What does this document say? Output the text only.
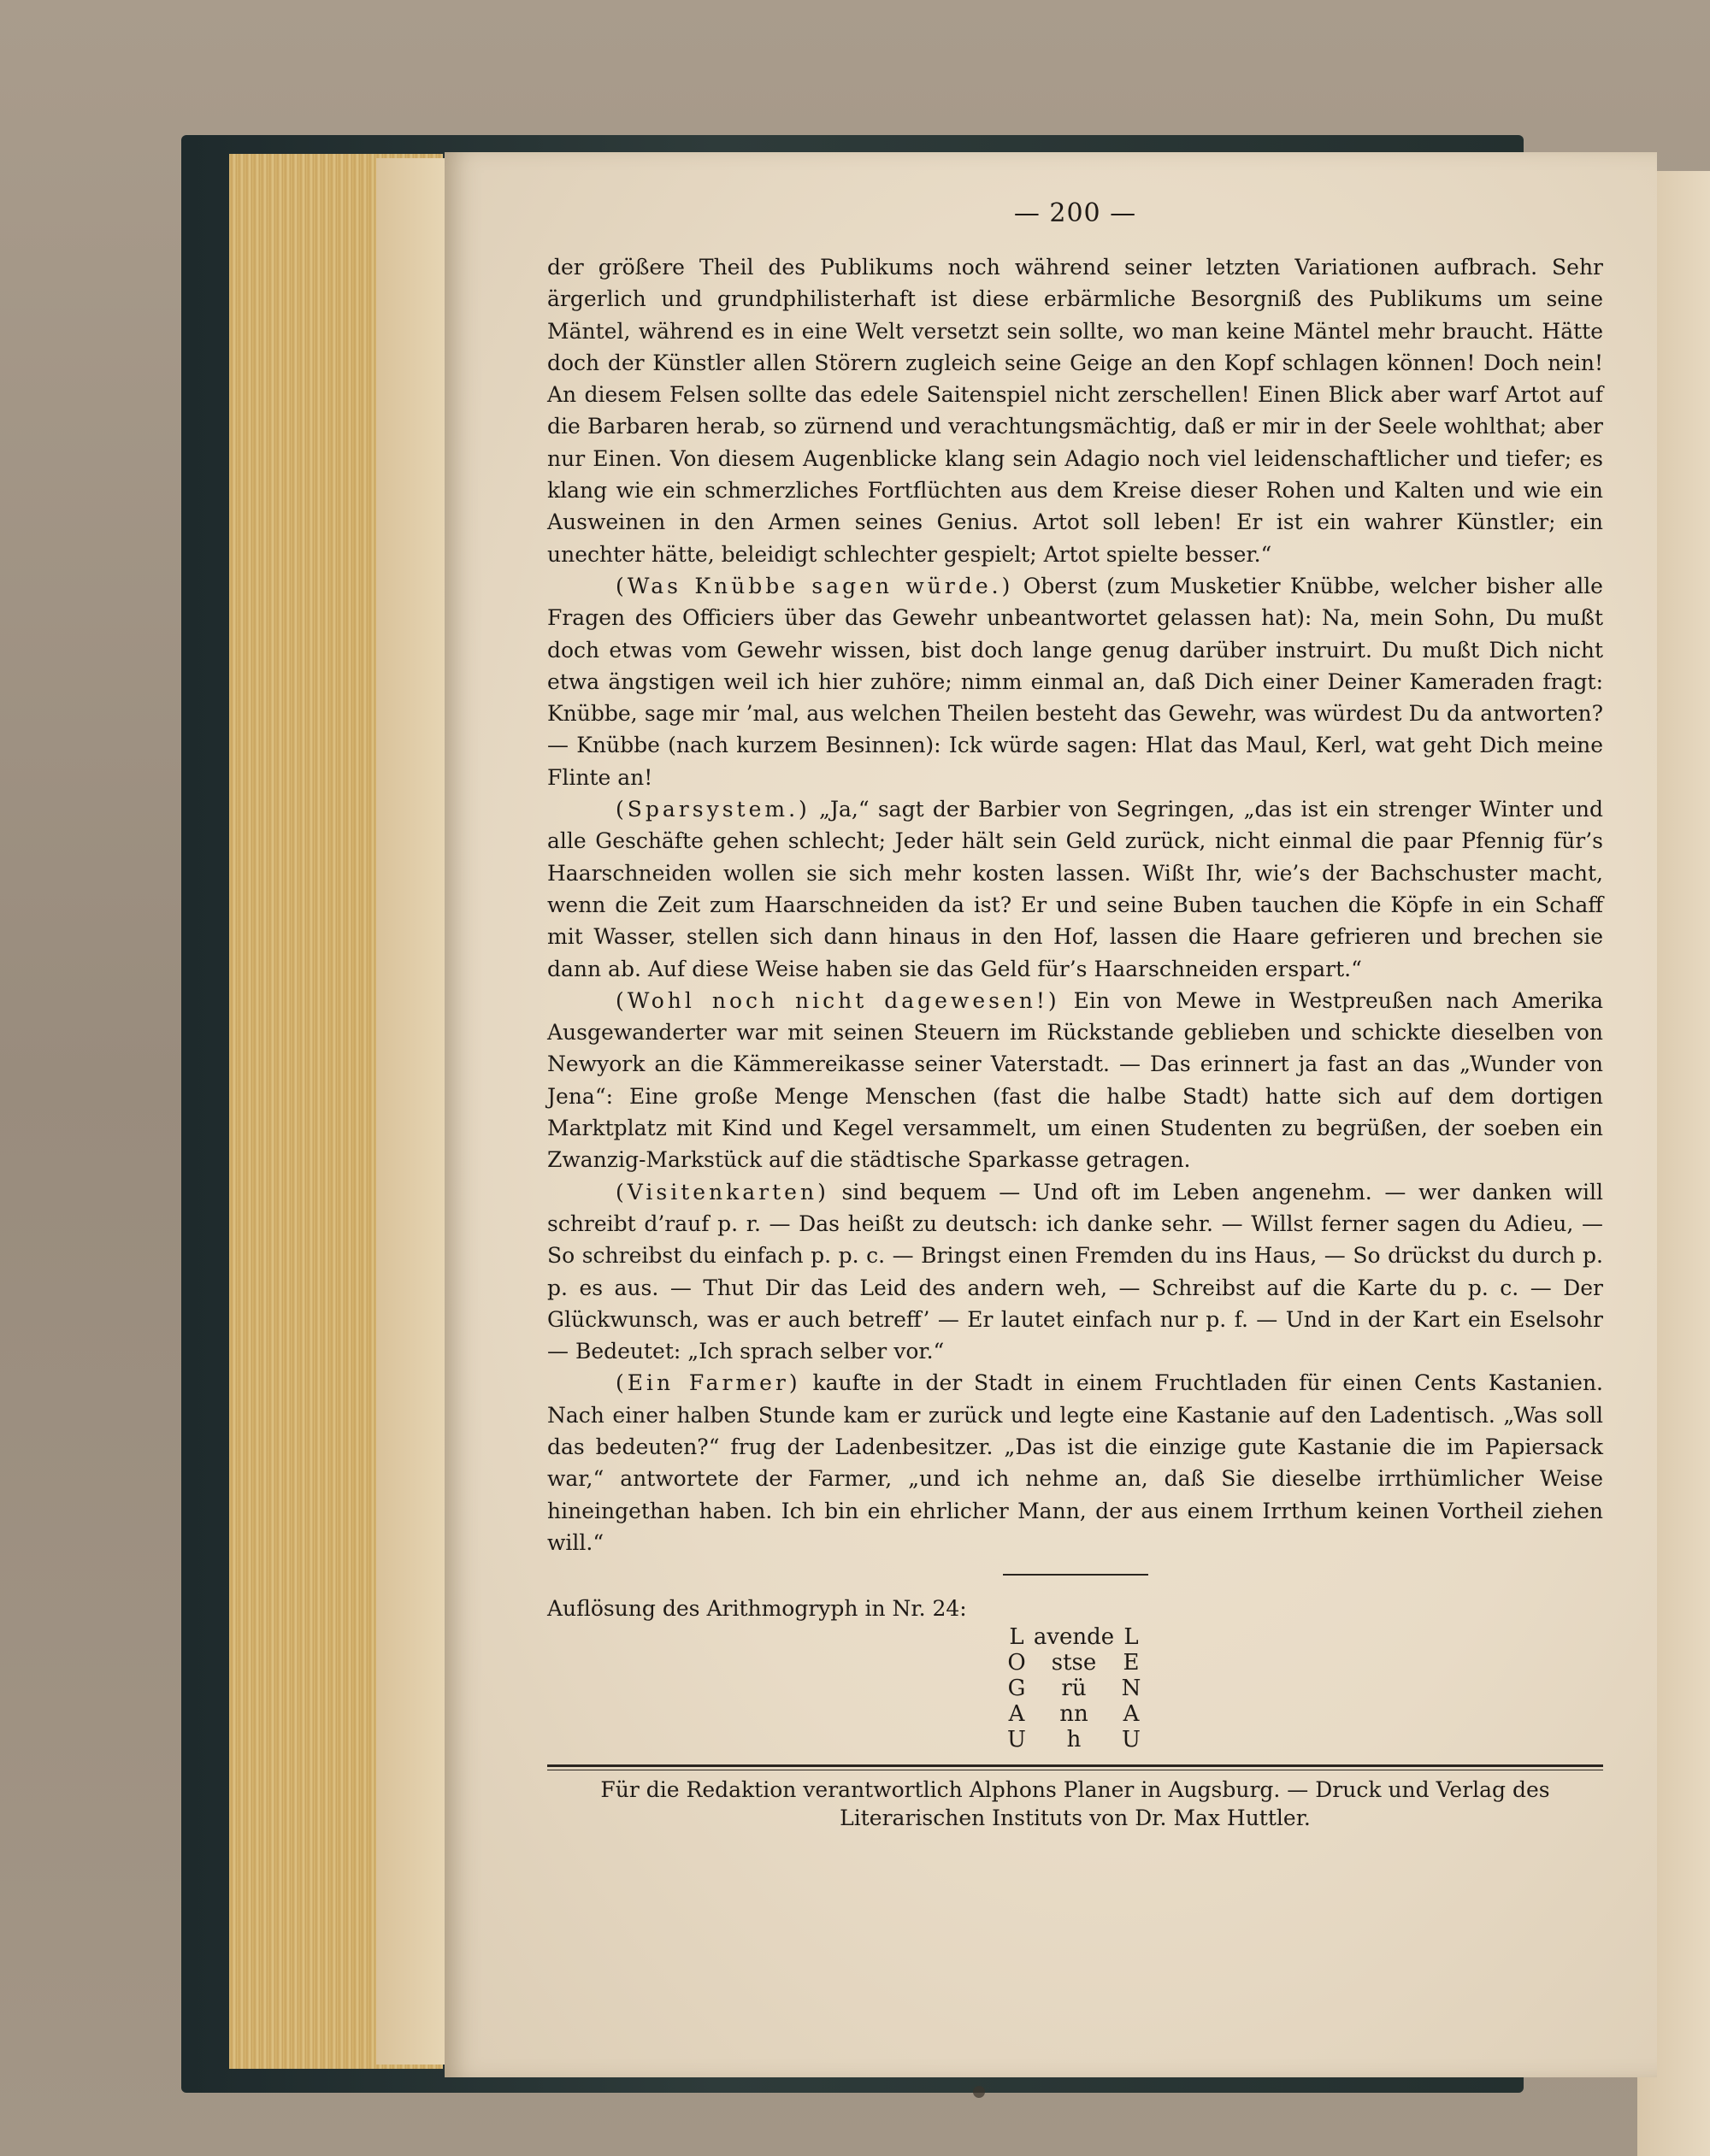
— 200 —

der größere Theil des Publikums noch während seiner letzten Variationen aufbrach. Sehr ärgerlich und grundphilisterhaft ist diese erbärmliche Besorgniß des Publikums um seine Mäntel, während es in eine Welt versetzt sein sollte, wo man keine Mäntel mehr braucht. Hätte doch der Künstler allen Störern zugleich seine Geige an den Kopf schlagen können! Doch nein! An diesem Felsen sollte das edele Saitenspiel nicht zerschellen! Einen Blick aber warf Artot auf die Barbaren herab, so zürnend und verachtungsmächtig, daß er mir in der Seele wohlthat; aber nur Einen. Von diesem Augenblicke klang sein Adagio noch viel leidenschaftlicher und tiefer; es klang wie ein schmerzliches Fortflüchten aus dem Kreise dieser Rohen und Kalten und wie ein Ausweinen in den Armen seines Genius. Artot soll leben! Er ist ein wahrer Künstler; ein unechter hätte, beleidigt schlechter gespielt; Artot spielte besser.“

(Was Knübbe sagen würde.) Oberst (zum Musketier Knübbe, welcher bisher alle Fragen des Officiers über das Gewehr unbeantwortet gelassen hat): Na, mein Sohn, Du mußt doch etwas vom Gewehr wissen, bist doch lange genug darüber instruirt. Du mußt Dich nicht etwa ängstigen weil ich hier zuhöre; nimm einmal an, daß Dich einer Deiner Kameraden fragt: Knübbe, sage mir ’mal, aus welchen Theilen besteht das Gewehr, was würdest Du da antworten? — Knübbe (nach kurzem Besinnen): Ick würde sagen: Hlat das Maul, Kerl, wat geht Dich meine Flinte an!

(Sparsystem.) „Ja,“ sagt der Barbier von Segringen, „das ist ein strenger Winter und alle Geschäfte gehen schlecht; Jeder hält sein Geld zurück, nicht einmal die paar Pfennig für’s Haarschneiden wollen sie sich mehr kosten lassen. Wißt Ihr, wie’s der Bachschuster macht, wenn die Zeit zum Haarschneiden da ist? Er und seine Buben tauchen die Köpfe in ein Schaff mit Wasser, stellen sich dann hinaus in den Hof, lassen die Haare gefrieren und brechen sie dann ab. Auf diese Weise haben sie das Geld für’s Haarschneiden erspart.“

(Wohl noch nicht dagewesen!) Ein von Mewe in Westpreußen nach Amerika Ausgewanderter war mit seinen Steuern im Rückstande geblieben und schickte dieselben von Newyork an die Kämmereikasse seiner Vaterstadt. — Das erinnert ja fast an das „Wunder von Jena“: Eine große Menge Menschen (fast die halbe Stadt) hatte sich auf dem dortigen Marktplatz mit Kind und Kegel versammelt, um einen Studenten zu begrüßen, der soeben ein Zwanzig-Markstück auf die städtische Sparkasse getragen.

(Visitenkarten) sind bequem — Und oft im Leben angenehm. — wer danken will schreibt d’rauf p. r. — Das heißt zu deutsch: ich danke sehr. — Willst ferner sagen du Adieu, — So schreibst du einfach p. p. c. — Bringst einen Fremden du ins Haus, — So drückst du durch p. p. es aus. — Thut Dir das Leid des andern weh, — Schreibst auf die Karte du p. c. — Der Glückwunsch, was er auch betreff’ — Er lautet einfach nur p. f. — Und in der Kart ein Eselsohr — Bedeutet: „Ich sprach selber vor.“

(Ein Farmer) kaufte in der Stadt in einem Fruchtladen für einen Cents Kastanien. Nach einer halben Stunde kam er zurück und legte eine Kastanie auf den Ladentisch. „Was soll das bedeuten?“ frug der Ladenbesitzer. „Das ist die einzige gute Kastanie die im Papiersack war,“ antwortete der Farmer, „und ich nehme an, daß Sie dieselbe irrthümlicher Weise hineingethan haben. Ich bin ein ehrlicher Mann, der aus einem Irrthum keinen Vortheil ziehen will.“

Auflösung des Arithmogryph in Nr. 24:

L	avende	L
O	stse	E
G	rü	N
A	nn	A
U	h	U
Für die Redaktion verantwortlich Alphons Planer in Augsburg. — Druck und Verlag des
Literarischen Instituts von Dr. Max Huttler.
